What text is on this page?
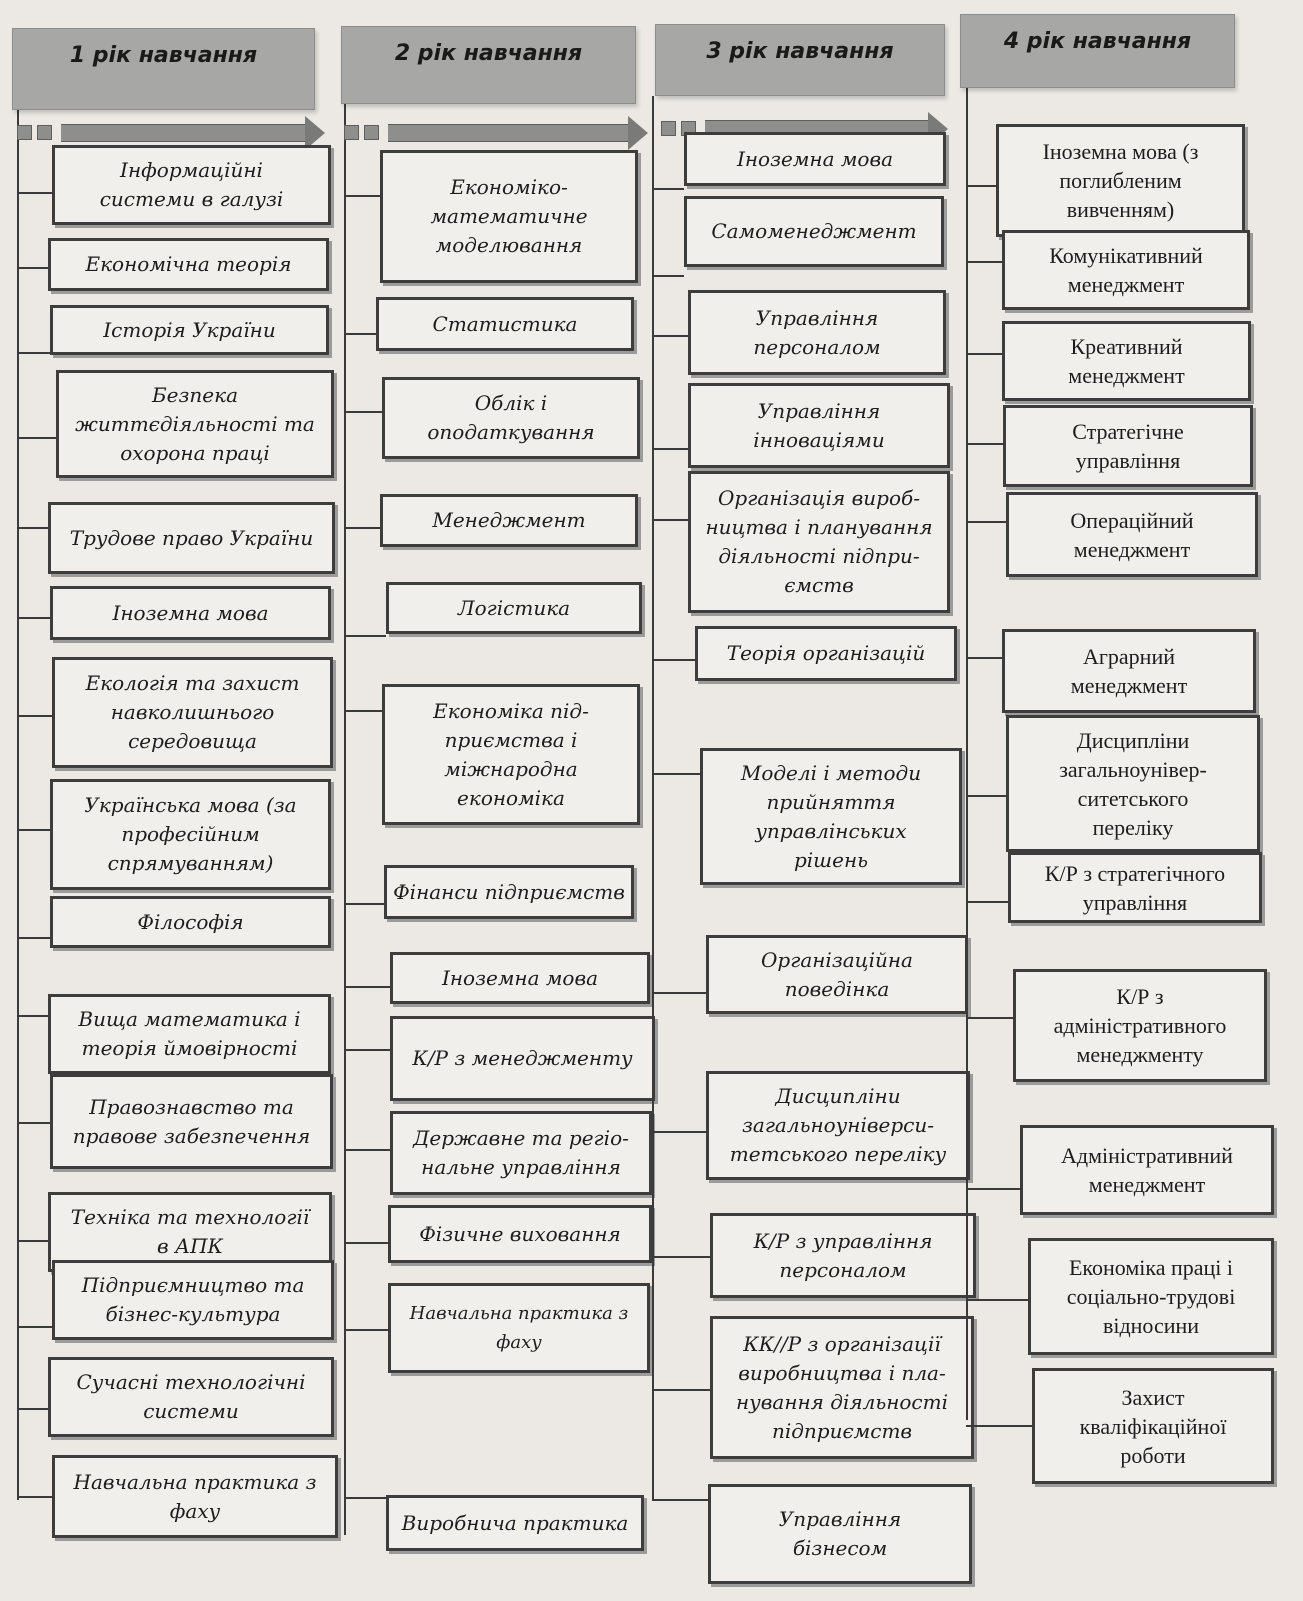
1 рік навчання
Інформаційні
системи в галузі
Економічна теорія
Історія України
Безпека
життєдіяльності та
охорона праці
Трудове право України
Іноземна мова
Екологія та захист
навколишнього
середовища
Українська мова (за
професійним
спрямуванням)
Філософія
Вища математика і
теорія ймовірності
Правознавство та
правове забезпечення
Техніка та технології
в АПК
Підприємництво та
бізнес-культура
Сучасні технологічні
системи
Навчальна практика з
фаху
2 рік навчання
Економіко-
математичне
моделювання
Статистика
Облік і
оподаткування
Менеджмент
Логістика
Економіка під-
приємства і
міжнародна
економіка
Фінанси підприємств
Іноземна мова
К/Р з менеджменту
Державне та регіо-
нальне управління
Фізичне виховання
Навчальна практика з
фаху
Виробнича практика
3 рік навчання
Іноземна мова
Самоменеджмент
Управління
персоналом
Управління
інноваціями
Організація вироб-
ництва і планування
діяльності підпри-
ємств
Теорія організацій
Моделі і методи
прийняття
управлінських
рішень
Організаційна
поведінка
Дисципліни
загальноуніверси-
тетського переліку
К/Р з управління
персоналом
КК//Р з організації
виробництва і пла-
нування діяльності
підприємств
Управління
бізнесом
4 рік навчання
Іноземна мова (з
поглибленим
вивченням)
Комунікативний
менеджмент
Креативний
менеджмент
Стратегічне
управління
Операційний
менеджмент
Аграрний
менеджмент
Дисципліни
загальноунівер-
ситетського
переліку
К/Р з стратегічного
управління
К/Р з
адміністративного
менеджменту
Адміністративний
менеджмент
Економіка праці і
соціально-трудові
відносини
Захист
кваліфікаційної
роботи
